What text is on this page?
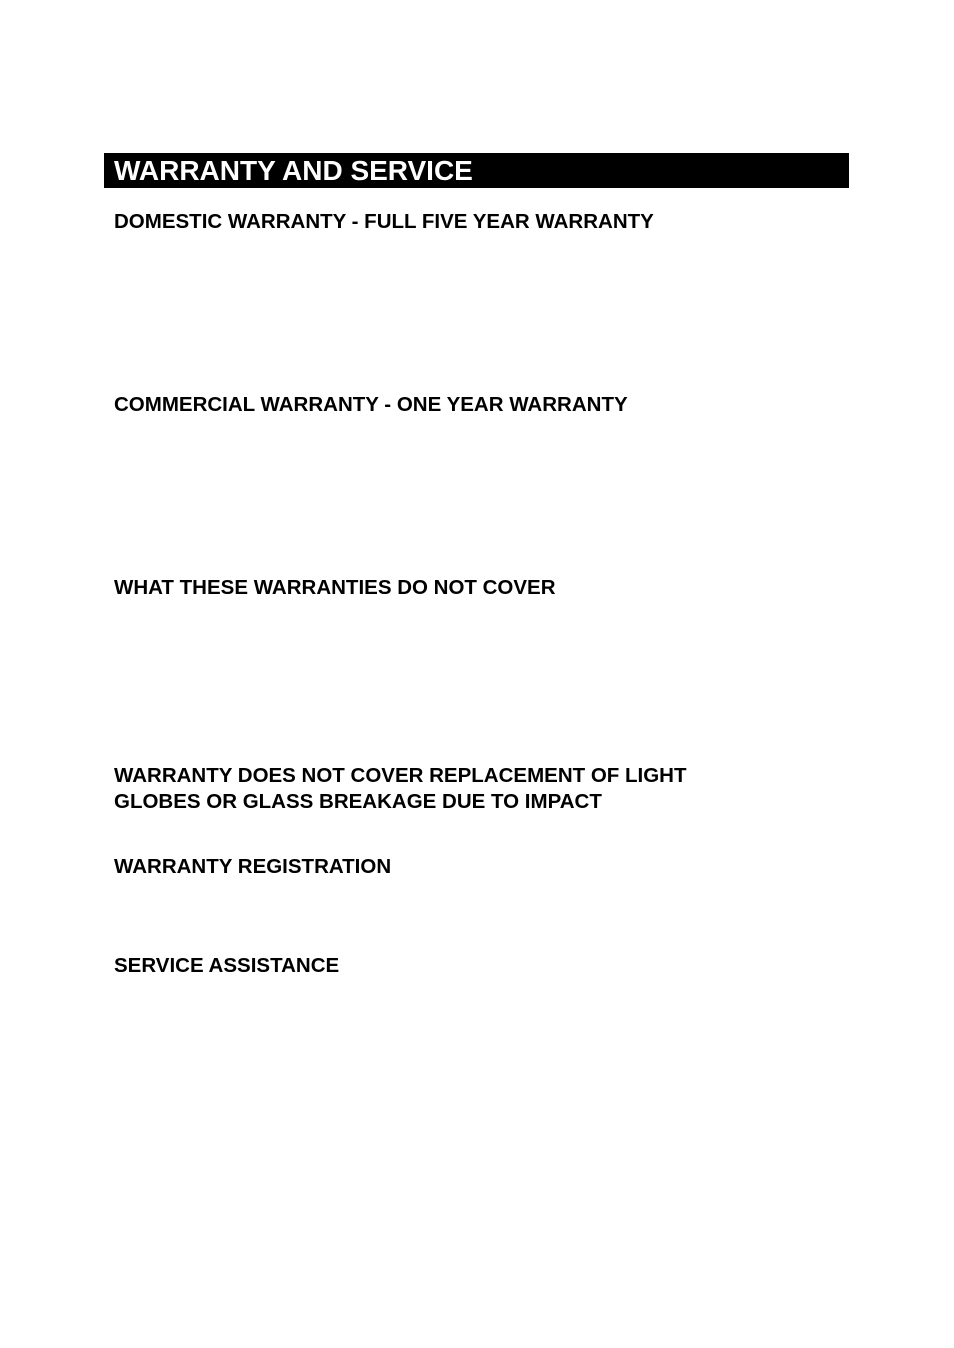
WARRANTY AND SERVICE
DOMESTIC WARRANTY - FULL FIVE YEAR WARRANTY
COMMERCIAL WARRANTY - ONE YEAR WARRANTY
WHAT THESE WARRANTIES DO NOT COVER
WARRANTY DOES NOT COVER REPLACEMENT OF LIGHT
GLOBES OR GLASS BREAKAGE DUE TO IMPACT
WARRANTY REGISTRATION
SERVICE ASSISTANCE
